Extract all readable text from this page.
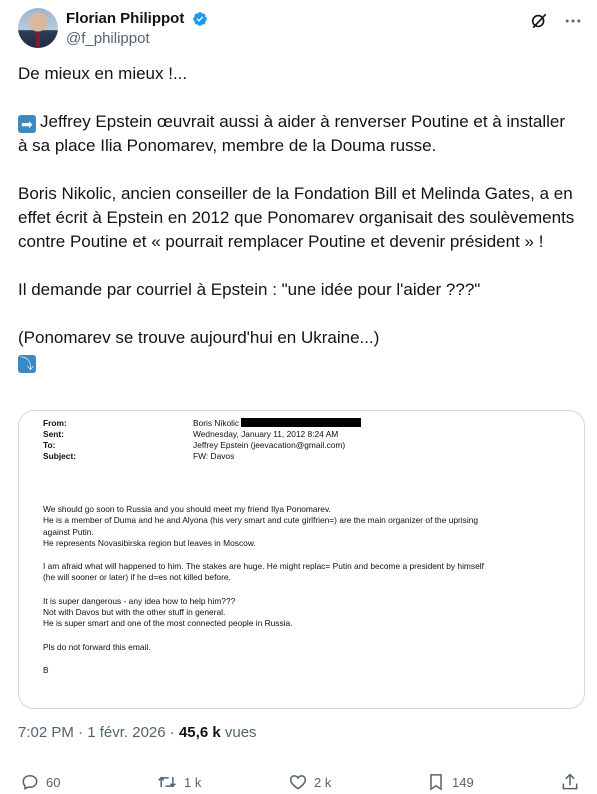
Florian Philippot
@f_philippot

De mieux en mieux !...

➡ Jeffrey Epstein œuvrait aussi à aider à renverser Poutine et à installer à sa place Ilia Ponomarev, membre de la Douma russe.

Boris Nikolic, ancien conseiller de la Fondation Bill et Melinda Gates, a en effet écrit à Epstein en 2012 que Ponomarev organisait des soulèvements contre Poutine et « pourrait remplacer Poutine et devenir président » !

Il demande par courriel à Epstein : "une idée pour l'aider ???"

(Ponomarev se trouve aujourd'hui en Ukraine...)

⤵

From:	Boris Nikolic
Sent:	Wednesday, January 11, 2012 8:24 AM
To:	Jeffrey Epstein (jeevacation@gmail.com)
Subject:	FW: Davos

We should go soon to Russia and you should meet my friend Ilya Ponomarev.

He is a member of Duma and he and Alyona (his very smart and cute girlfrien=) are the main organizer of the uprising

against Putin.

He represents Novasibirska region but leaves in Moscow.

I am afraid what will happened to him. The stakes are huge. He might replac= Putin and become a president by himself

(he will sooner or later) if he d=es not killed before.

It is super dangerous - any idea how to help him???

Not with Davos but with the other stuff in general.

He is super smart and one of the most connected people in Russia.

Pls do not forward this email.

B

7:02 PM · 1 févr. 2026 · 45,6 k vues
60	1 k	2 k	149
